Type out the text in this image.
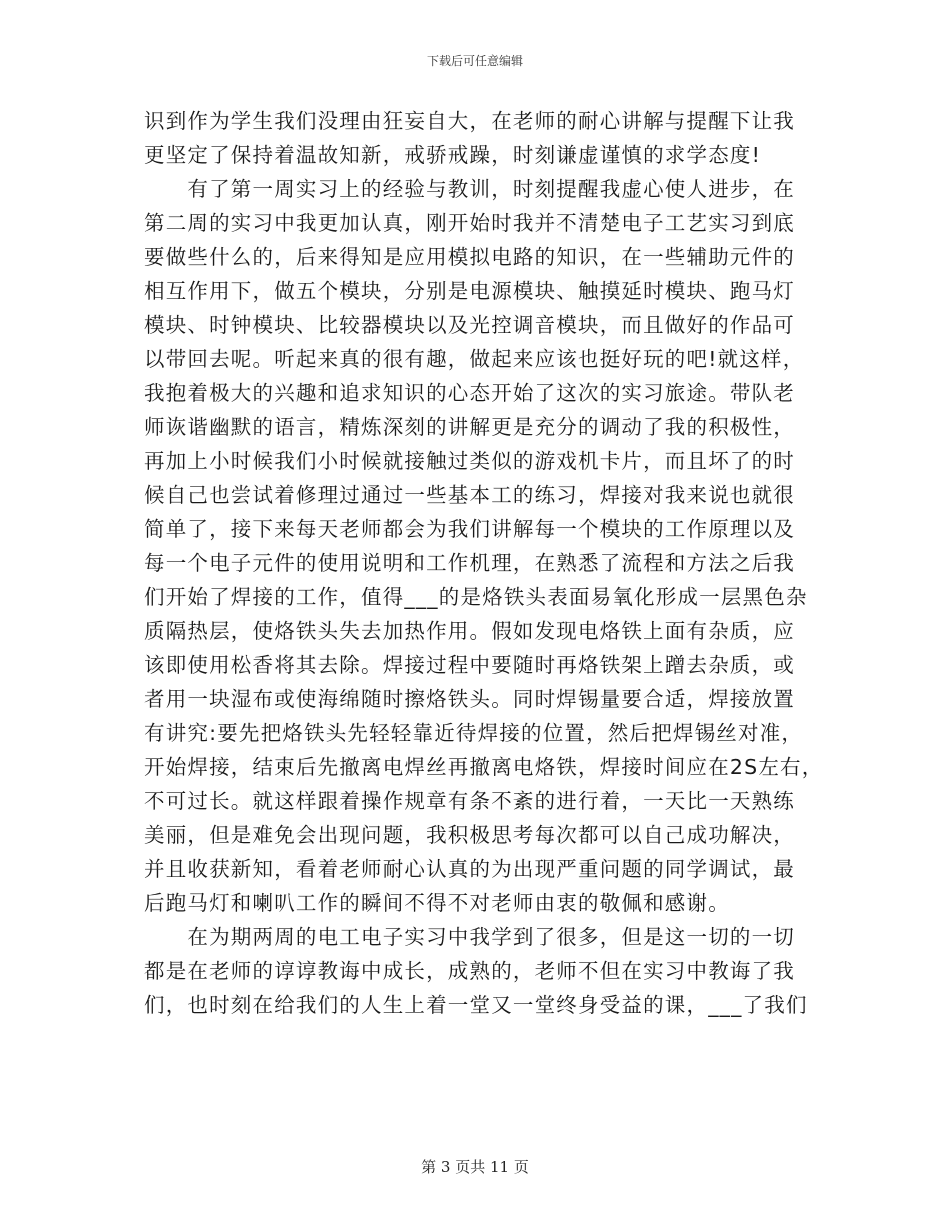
下载后可任意编辑
识到作为学生我们没理由狂妄自大，在老师的耐心讲解与提醒下让我
更坚定了保持着温故知新，戒骄戒躁，时刻谦虚谨慎的求学态度!
　　有了第一周实习上的经验与教训，时刻提醒我虚心使人进步，在
第二周的实习中我更加认真，刚开始时我并不清楚电子工艺实习到底
要做些什么的，后来得知是应用模拟电路的知识，在一些辅助元件的
相互作用下，做五个模块，分别是电源模块、触摸延时模块、跑马灯
模块、时钟模块、比较器模块以及光控调音模块，而且做好的作品可
以带回去呢。听起来真的很有趣，做起来应该也挺好玩的吧!就这样，
我抱着极大的兴趣和追求知识的心态开始了这次的实习旅途。带队老
师诙谐幽默的语言，精炼深刻的讲解更是充分的调动了我的积极性，
再加上小时候我们小时候就接触过类似的游戏机卡片，而且坏了的时
候自己也尝试着修理过通过一些基本工的练习，焊接对我来说也就很
简单了，接下来每天老师都会为我们讲解每一个模块的工作原理以及
每一个电子元件的使用说明和工作机理，在熟悉了流程和方法之后我
们开始了焊接的工作，值得___的是烙铁头表面易氧化形成一层黑色杂
质隔热层，使烙铁头失去加热作用。假如发现电烙铁上面有杂质，应
该即使用松香将其去除。焊接过程中要随时再烙铁架上蹭去杂质，或
者用一块湿布或使海绵随时擦烙铁头。同时焊锡量要合适，焊接放置
有讲究:要先把烙铁头先轻轻靠近待焊接的位置，然后把焊锡丝对准，
开始焊接，结束后先撤离电焊丝再撤离电烙铁，焊接时间应在2S左右，
不可过长。就这样跟着操作规章有条不紊的进行着，一天比一天熟练
美丽，但是难免会出现问题，我积极思考每次都可以自己成功解决，
并且收获新知，看着老师耐心认真的为出现严重问题的同学调试，最
后跑马灯和喇叭工作的瞬间不得不对老师由衷的敬佩和感谢。
　　在为期两周的电工电子实习中我学到了很多，但是这一切的一切
都是在老师的谆谆教诲中成长，成熟的，老师不但在实习中教诲了我
们，也时刻在给我们的人生上着一堂又一堂终身受益的课，___了我们
第 3 页共 11 页
